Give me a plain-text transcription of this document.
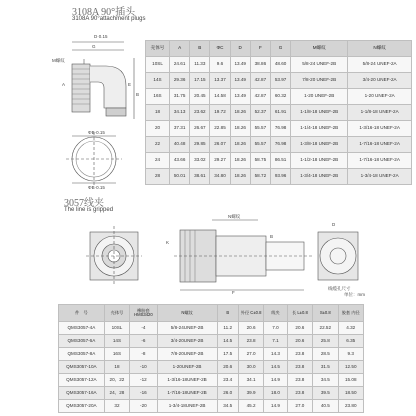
3108A 90°插头
3108A 90°attachment plugs
D·0.15
G
E
B
M螺纹
A
ΦB·0.15
ΦB·0.15
壳体号	A	B	ΦC	D	F	G	M螺纹	N螺纹
10SL	24.61	11.33	9.6	13.49	38.86	48.60	5/8-24 UNEF-2B	5/8-24 UNEF-2A
14S	29.36	17.15	13.37	13.49	42.87	53.97	7/8-20 UNEF-2B	3/4-20 UNEF-2A
16S	31.75	20.45	14.58	13.49	42.87	60.32	1-20 UNEF-2B	1-20 UNEF-2A
18	34.13	23.62	19.72	18.26	52.37	61.91	1-1/8-18 UNEF-2B	1-1/8-18 UNEF-2A
20	37.31	26.67	22.85	18.26	55.57	76.98	1-1/4-18 UNEF-2B	1-3/16-18 UNEF-2A
22	40.48	29.85	26.07	18.26	55.57	76.98	1-3/8-18 UNEF-2B	1-7/16-18 UNEF-2A
24	43.66	33.02	29.27	18.26	58.75	86.51	1-1/2-18 UNEF-2B	1-7/16-18 UNEF-2A
28	50.01	38.61	34.80	18.26	58.72	93.96	1-3/4-18 UNEF-2B	1-3/4-18 UNEF-2A
3057线夹
The line is gripped
N螺纹
K
F
B
D
线缆孔尺寸
单位：mm
件　号	壳体号	橡胶套 HMS3420	N螺纹	B	外径 C±0.8	线夹	长 L±0.8	S±0.8	胶套 内径
QMS3057-4A	10SL	-4	5/8-24UNEF-2B	11.2	20.6	7.0	20.6	22.52	4.32
QMS3057-6A	14S	-6	3/4-20UNEF-2B	14.5	23.8	7.1	20.6	25.8	6.35
QMS3057-8A	16S	-8	7/8-20UNEF-2B	17.5	27.0	14.3	23.8	28.5	9.3
QMS3057-10A	18	-10	1-20UNEF-2B	20.6	30.0	14.5	23.8	31.5	12.50
QMS3057-12A	20、22	-12	1-3/16-18UNEF-2B	23.4	34.1	14.9	23.8	34.5	15.08
QMS3057-16A	24、28	-16	1-7/16-18UNEF-2B	26.0	39.9	18.0	23.8	39.5	18.50
QMS3057-20A	32	-20	1-3/4-18UNEF-2B	34.5	45.2	14.9	27.0	40.5	23.80
